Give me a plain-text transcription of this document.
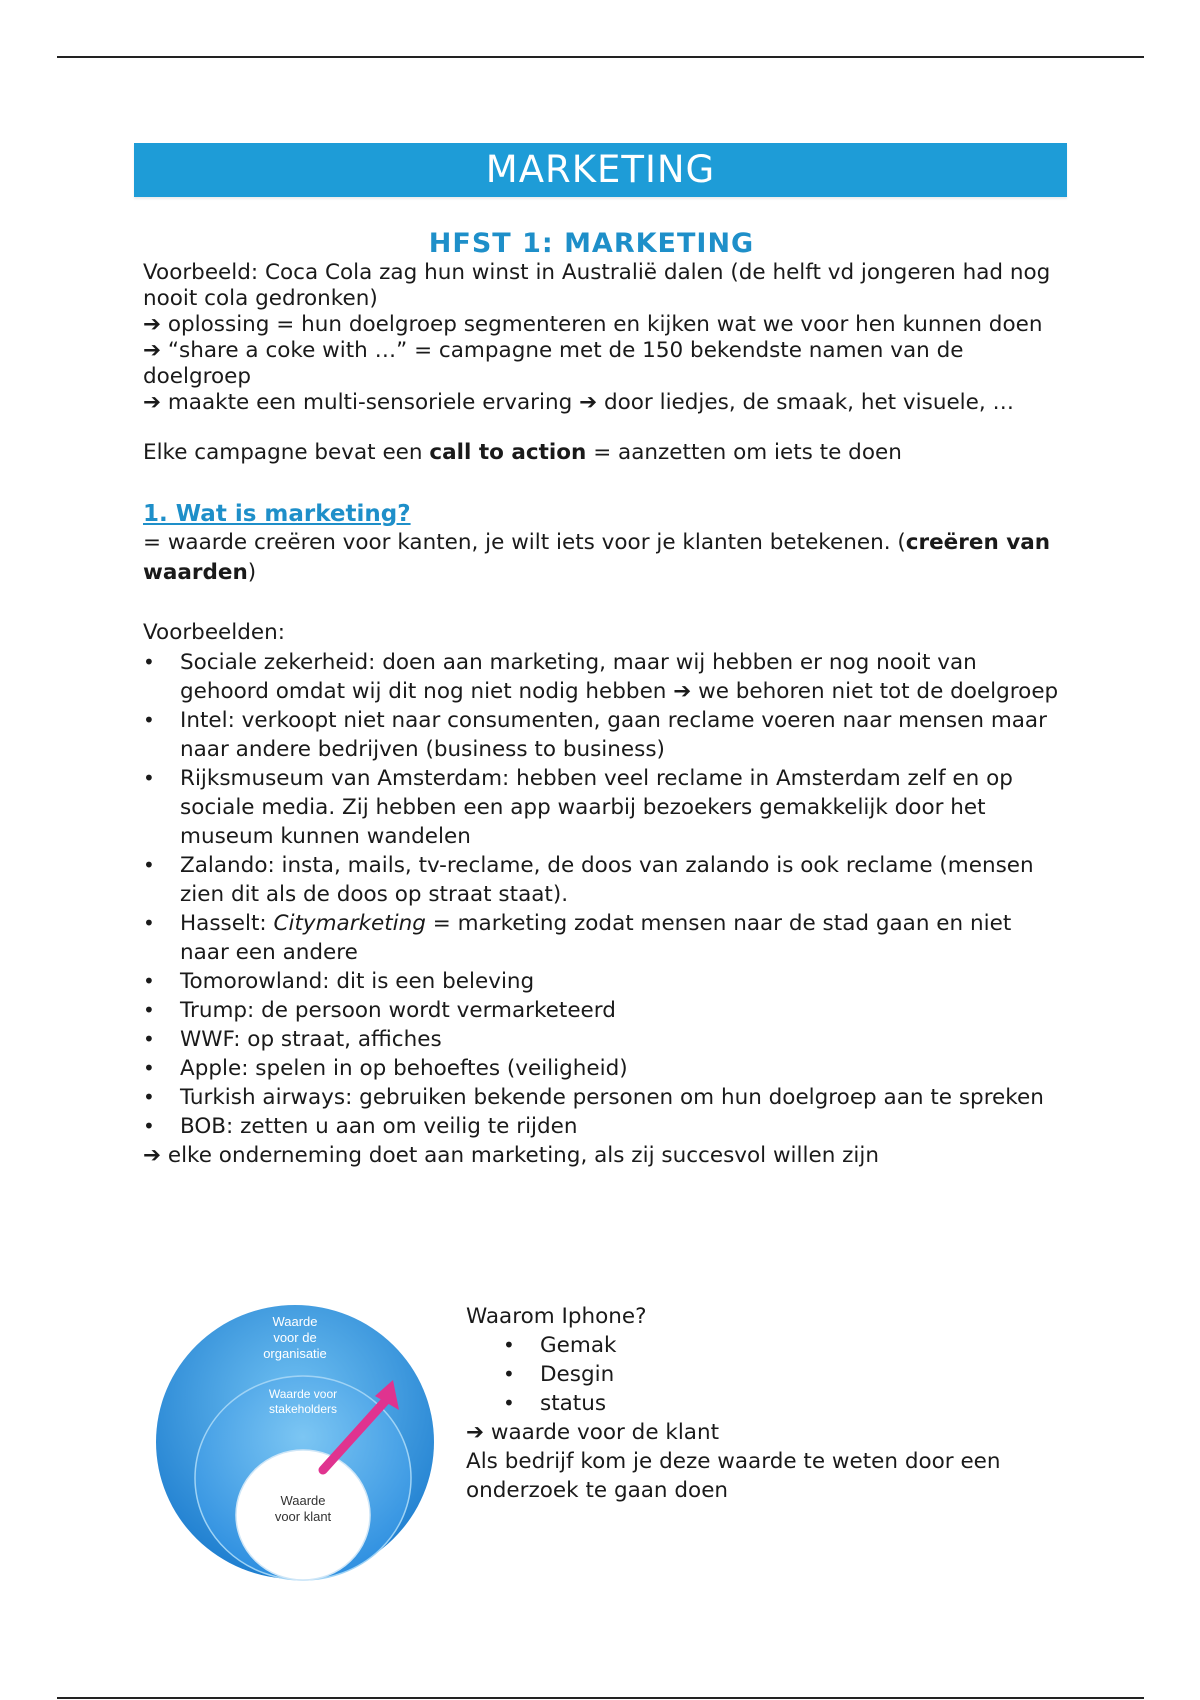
MARKETING
HFST 1: MARKETING

Voorbeeld: Coca Cola zag hun winst in Australië dalen (de helft vd jongeren had nog nooit cola gedronken)

➔ oplossing = hun doelgroep segmenteren en kijken wat we voor hen kunnen doen

➔ “share a coke with …” = campagne met de 150 bekendste namen van de doelgroep

➔ maakte een multi-sensoriele ervaring ➔ door liedjes, de smaak, het visuele, …

Elke campagne bevat een call to action = aanzetten om iets te doen

1. Wat is marketing?

= waarde creëren voor kanten, je wilt iets voor je klanten betekenen. (creëren van waarden)

Voorbeelden:

• Sociale zekerheid: doen aan marketing, maar wij hebben er nog nooit van gehoord omdat wij dit nog niet nodig hebben ➔ we behoren niet tot de doelgroep
• Intel: verkoopt niet naar consumenten, gaan reclame voeren naar mensen maar naar andere bedrijven (business to business)
• Rijksmuseum van Amsterdam: hebben veel reclame in Amsterdam zelf en op sociale media. Zij hebben een app waarbij bezoekers gemakkelijk door het museum kunnen wandelen
• Zalando: insta, mails, tv-reclame, de doos van zalando is ook reclame (mensen zien dit als de doos op straat staat).
• Hasselt: Citymarketing = marketing zodat mensen naar de stad gaan en niet naar een andere
• Tomorowland: dit is een beleving
• Trump: de persoon wordt vermarketeerd
• WWF: op straat, affiches
• Apple: spelen in op behoeftes (veiligheid)
• Turkish airways: gebruiken bekende personen om hun doelgroep aan te spreken
• BOB: zetten u aan om veilig te rijden

➔ elke onderneming doet aan marketing, als zij succesvol willen zijn

Waarde
voor de
organisatie
Waarde voor
stakeholders
Waarde
voor klant

Waarom Iphone?

• Gemak
• Desgin
• status

➔ waarde voor de klant

Als bedrijf kom je deze waarde te weten door een onderzoek te gaan doen
